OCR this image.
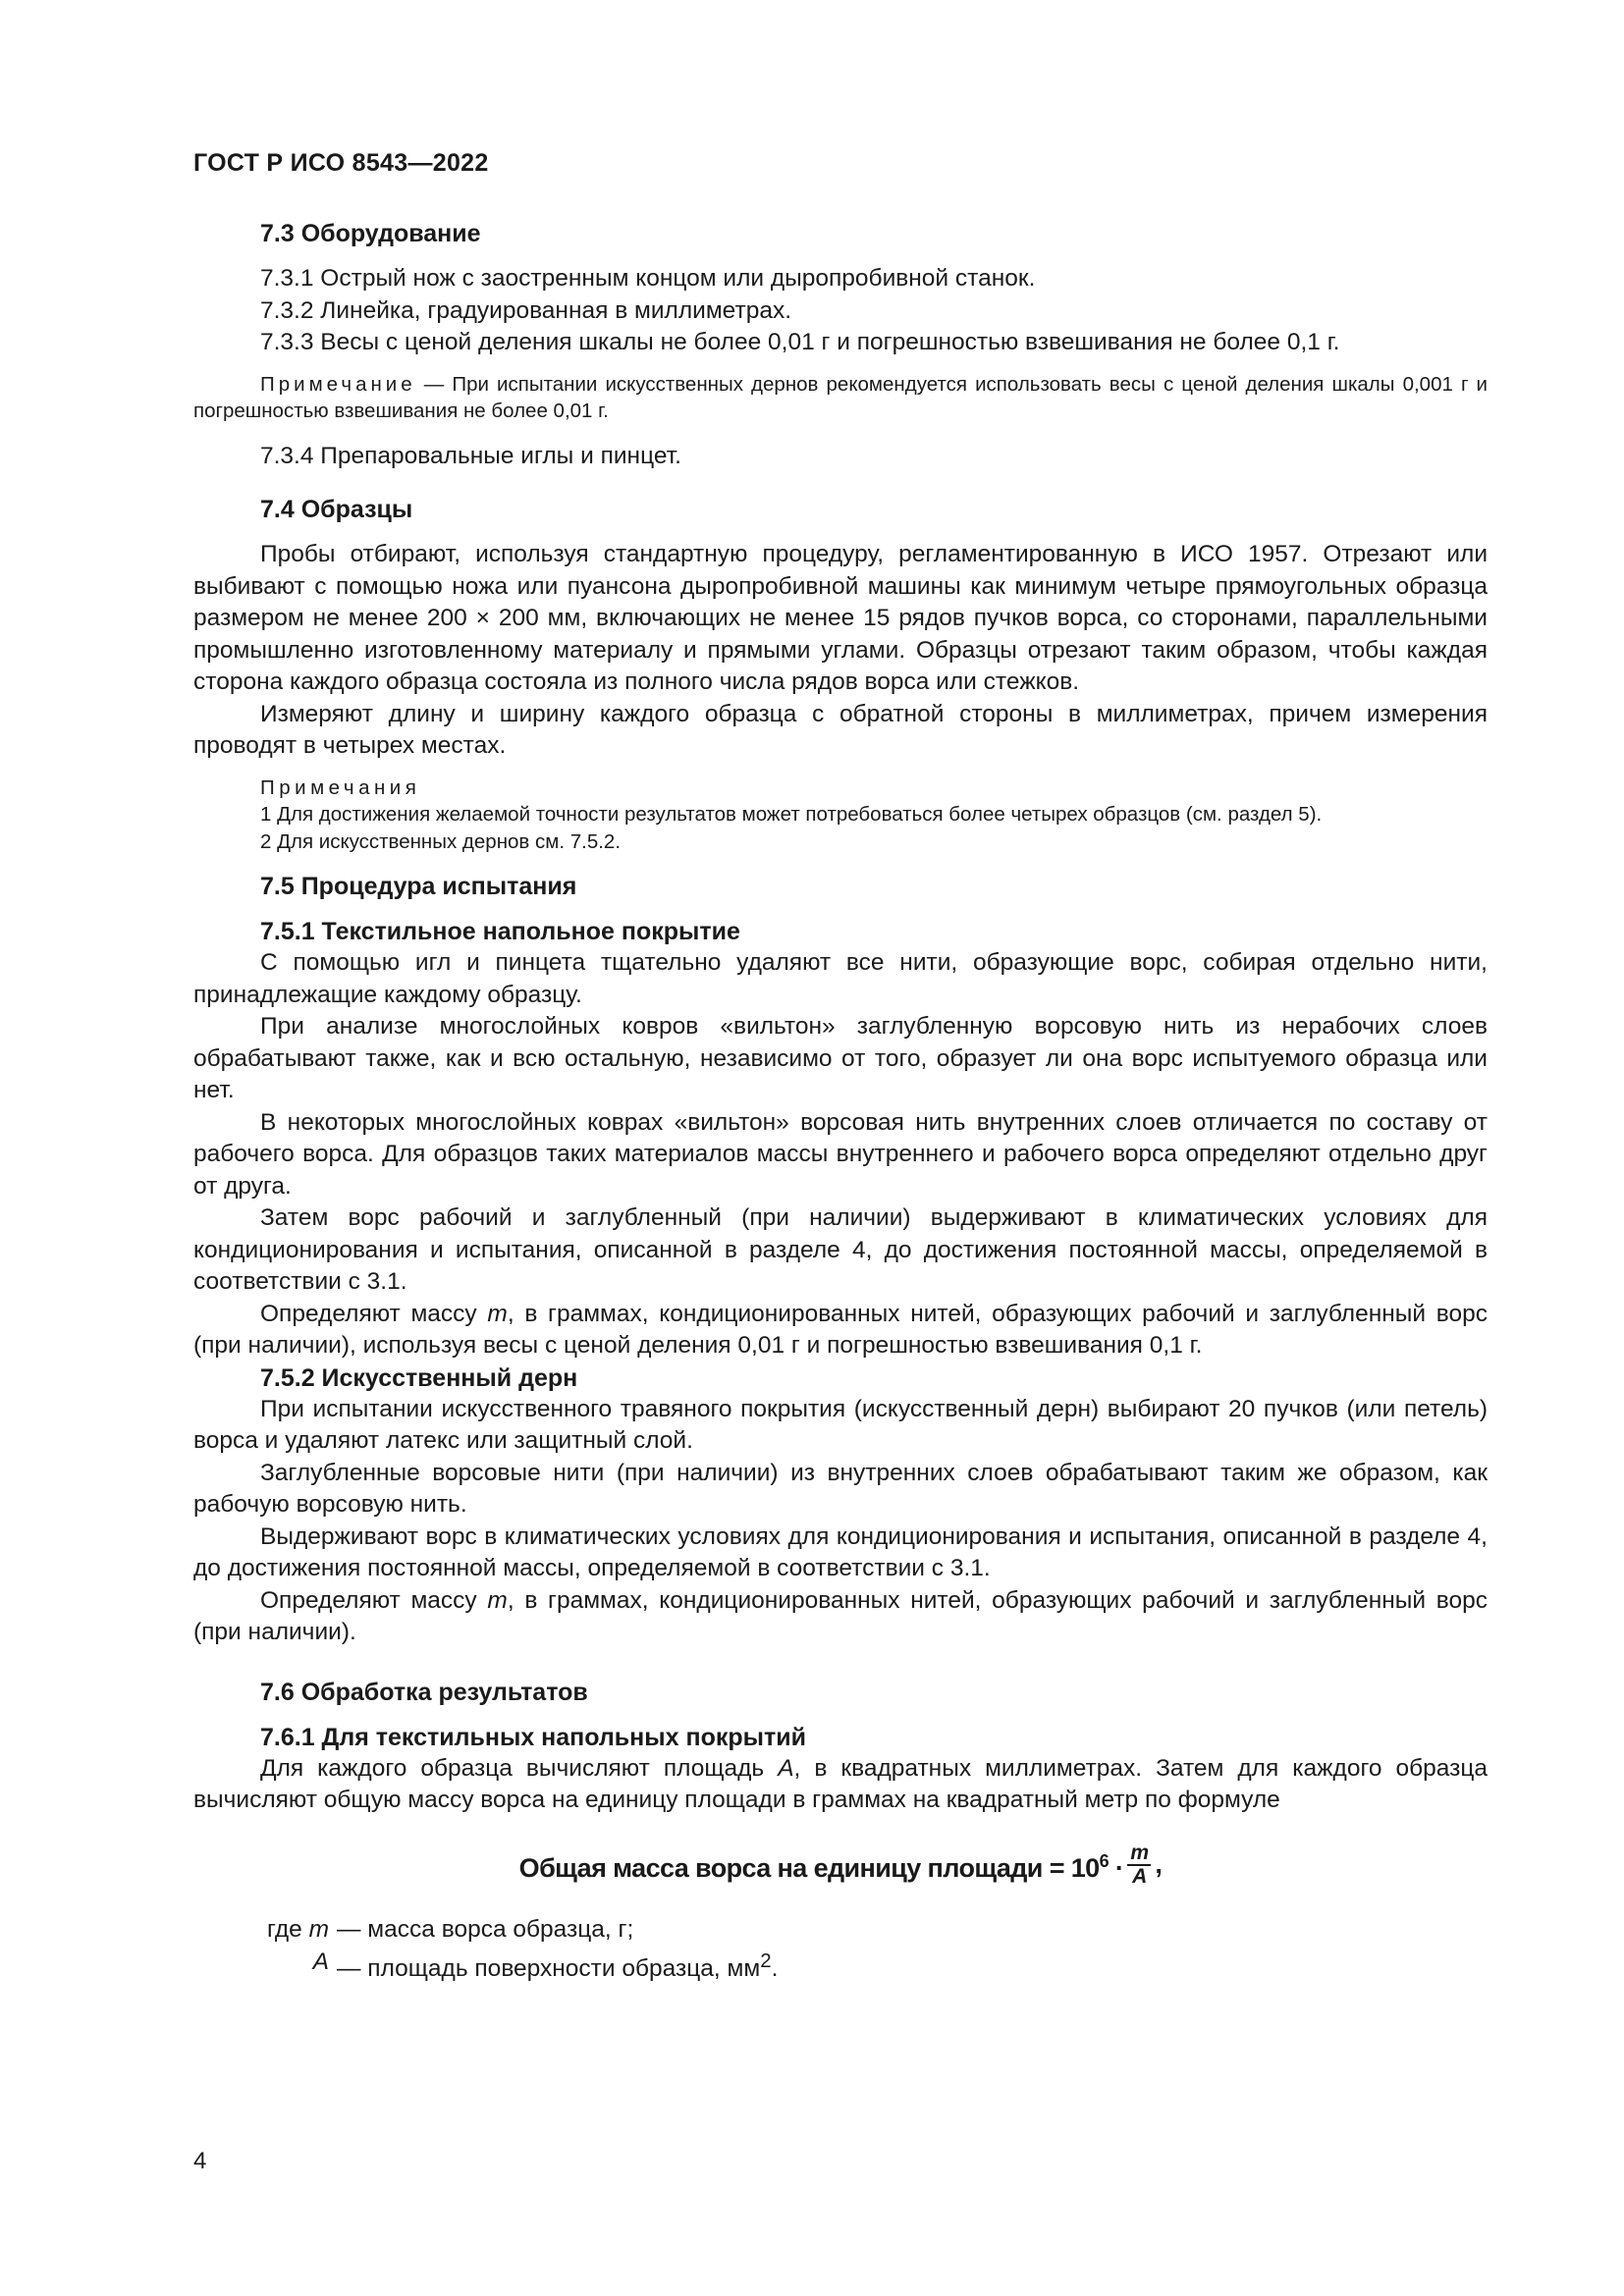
ГОСТ Р ИСО 8543—2022
7.3 Оборудование
7.3.1 Острый нож с заостренным концом или дыропробивной станок.
7.3.2 Линейка, градуированная в миллиметрах.
7.3.3 Весы с ценой деления шкалы не более 0,01 г и погрешностью взвешивания не более 0,1 г.

Примечание — При испытании искусственных дернов рекомендуется использовать весы с ценой деления шкалы 0,001 г и погрешностью взвешивания не более 0,01 г.

7.3.4 Препаровальные иглы и пинцет.
7.4 Образцы

Пробы отбирают, используя стандартную процедуру, регламентированную в ИСО 1957. Отрезают или выбивают с помощью ножа или пуансона дыропробивной машины как минимум четыре прямоугольных образца размером не менее 200 × 200 мм, включающих не менее 15 рядов пучков ворса, со сторонами, параллельными промышленно изготовленному материалу и прямыми углами. Образцы отрезают таким образом, чтобы каждая сторона каждого образца состояла из полного числа рядов ворса или стежков.

Измеряют длину и ширину каждого образца с обратной стороны в миллиметрах, причем измерения проводят в четырех местах.

Примечания

1 Для достижения желаемой точности результатов может потребоваться более четырех образцов (см. раздел 5).

2 Для искусственных дернов см. 7.5.2.

7.5 Процедура испытания
7.5.1 Текстильное напольное покрытие

С помощью игл и пинцета тщательно удаляют все нити, образующие ворс, собирая отдельно нити, принадлежащие каждому образцу.

При анализе многослойных ковров «вильтон» заглубленную ворсовую нить из нерабочих слоев обрабатывают также, как и всю остальную, независимо от того, образует ли она ворс испытуемого образца или нет.

В некоторых многослойных коврах «вильтон» ворсовая нить внутренних слоев отличается по составу от рабочего ворса. Для образцов таких материалов массы внутреннего и рабочего ворса определяют отдельно друг от друга.

Затем ворс рабочий и заглубленный (при наличии) выдерживают в климатических условиях для кондиционирования и испытания, описанной в разделе 4, до достижения постоянной массы, определяемой в соответствии с 3.1.

Определяют массу m, в граммах, кондиционированных нитей, образующих рабочий и заглубленный ворс (при наличии), используя весы с ценой деления 0,01 г и погрешностью взвешивания 0,1 г.

7.5.2 Искусственный дерн

При испытании искусственного травяного покрытия (искусственный дерн) выбирают 20 пучков (или петель) ворса и удаляют латекс или защитный слой.

Заглубленные ворсовые нити (при наличии) из внутренних слоев обрабатывают таким же образом, как рабочую ворсовую нить.

Выдерживают ворс в климатических условиях для кондиционирования и испытания, описанной в разделе 4, до достижения постоянной массы, определяемой в соответствии с 3.1.

Определяют массу m, в граммах, кондиционированных нитей, образующих рабочий и заглубленный ворс (при наличии).

7.6 Обработка результатов
7.6.1 Для текстильных напольных покрытий

Для каждого образца вычисляют площадь A, в квадратных миллиметрах. Затем для каждого образца вычисляют общую массу ворса на единицу площади в граммах на квадратный метр по формуле

Общая масса ворса на единицу площади = $10^6 \cdot \frac{m}{A}$ ,
где m — масса ворса образца, г;
A — площадь поверхности образца, $мм^2$.
4
